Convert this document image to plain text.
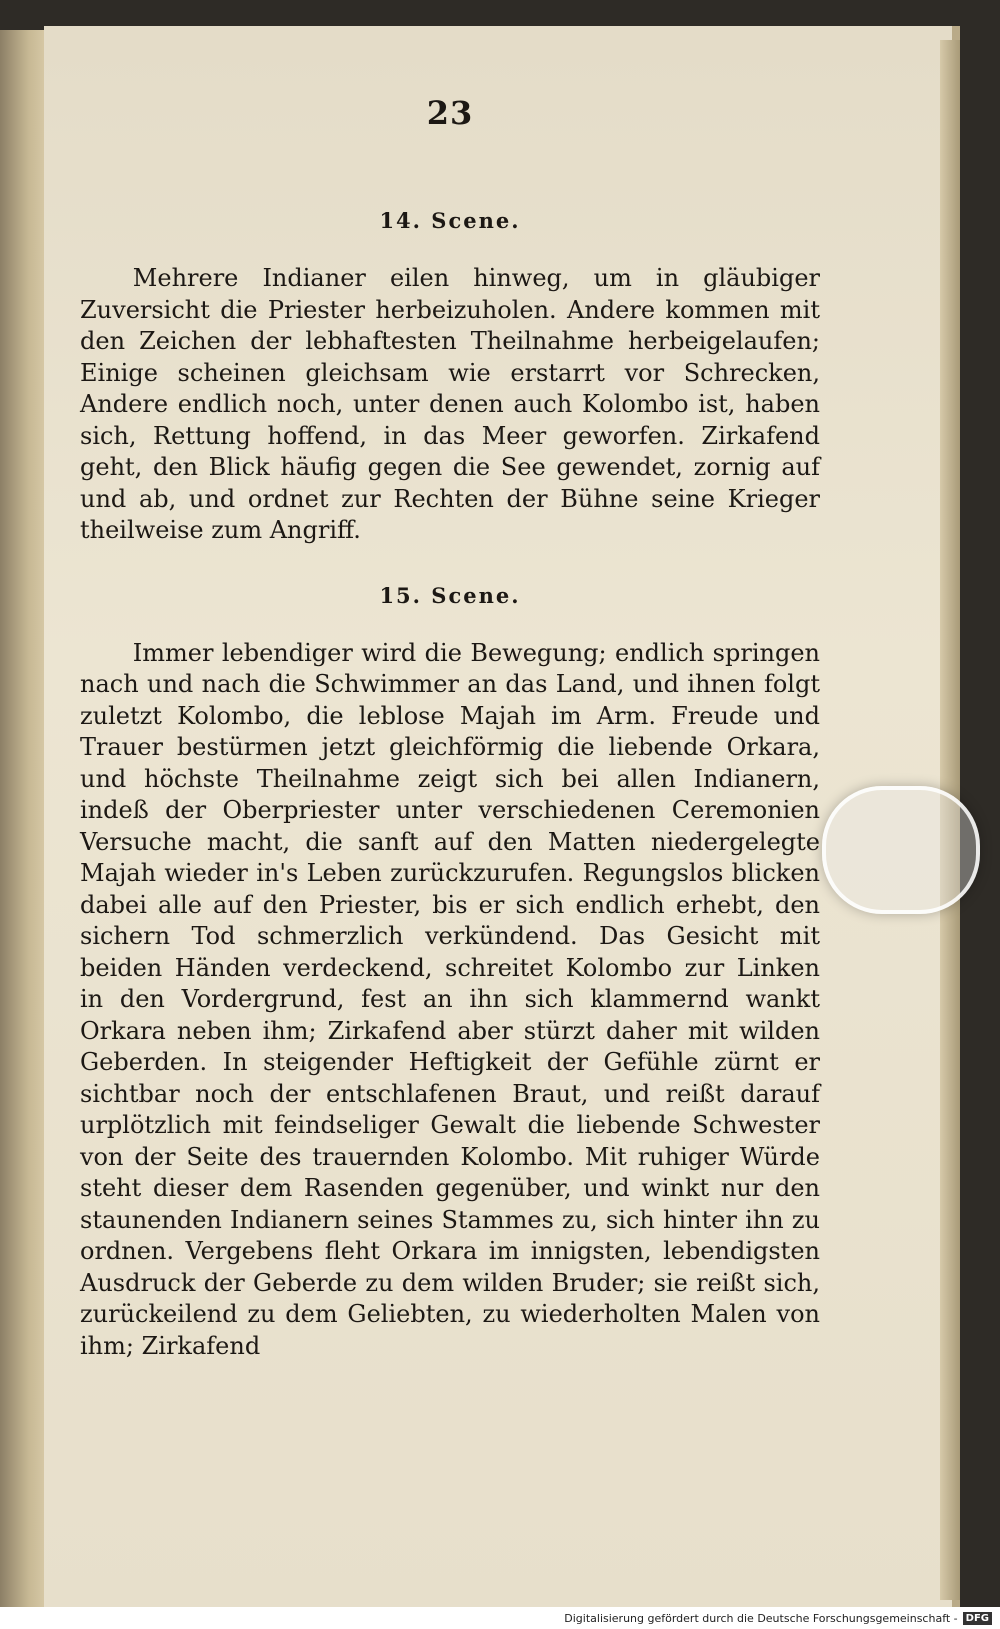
23
14. Scene.

Mehrere Indianer eilen hinweg, um in gläubiger Zuversicht die Priester herbeizuholen. Andere kommen mit den Zeichen der lebhaftesten Theilnahme herbeigelaufen; Einige scheinen gleichsam wie erstarrt vor Schrecken, Andere endlich noch, unter denen auch Kolombo ist, haben sich, Rettung hoffend, in das Meer geworfen. Zirkafend geht, den Blick häufig gegen die See gewendet, zornig auf und ab, und ordnet zur Rechten der Bühne seine Krieger theilweise zum Angriff.

15. Scene.

Immer lebendiger wird die Bewegung; endlich springen nach und nach die Schwimmer an das Land, und ihnen folgt zuletzt Kolombo, die leblose Majah im Arm. Freude und Trauer bestürmen jetzt gleichförmig die liebende Orkara, und höchste Theilnahme zeigt sich bei allen Indianern, indeß der Oberpriester unter verschiedenen Ceremonien Versuche macht, die sanft auf den Matten niedergelegte Majah wieder in's Leben zurückzurufen. Regungslos blicken dabei alle auf den Priester, bis er sich endlich erhebt, den sichern Tod schmerzlich verkündend. Das Gesicht mit beiden Händen verdeckend, schreitet Kolombo zur Linken in den Vordergrund, fest an ihn sich klammernd wankt Orkara neben ihm; Zirkafend aber stürzt daher mit wilden Geberden. In steigender Heftigkeit der Gefühle zürnt er sichtbar noch der entschlafenen Braut, und reißt darauf urplötzlich mit feindseliger Gewalt die liebende Schwester von der Seite des trauernden Kolombo. Mit ruhiger Würde steht dieser dem Rasenden gegenüber, und winkt nur den staunenden Indianern seines Stammes zu, sich hinter ihn zu ordnen. Vergebens fleht Orkara im innigsten, lebendigsten Ausdruck der Geberde zu dem wilden Bruder; sie reißt sich, zurückeilend zu dem Geliebten, zu wiederholten Malen von ihm; Zirkafend

Digitalisierung gefördert durch die Deutsche Forschungsgemeinschaft - DFG
